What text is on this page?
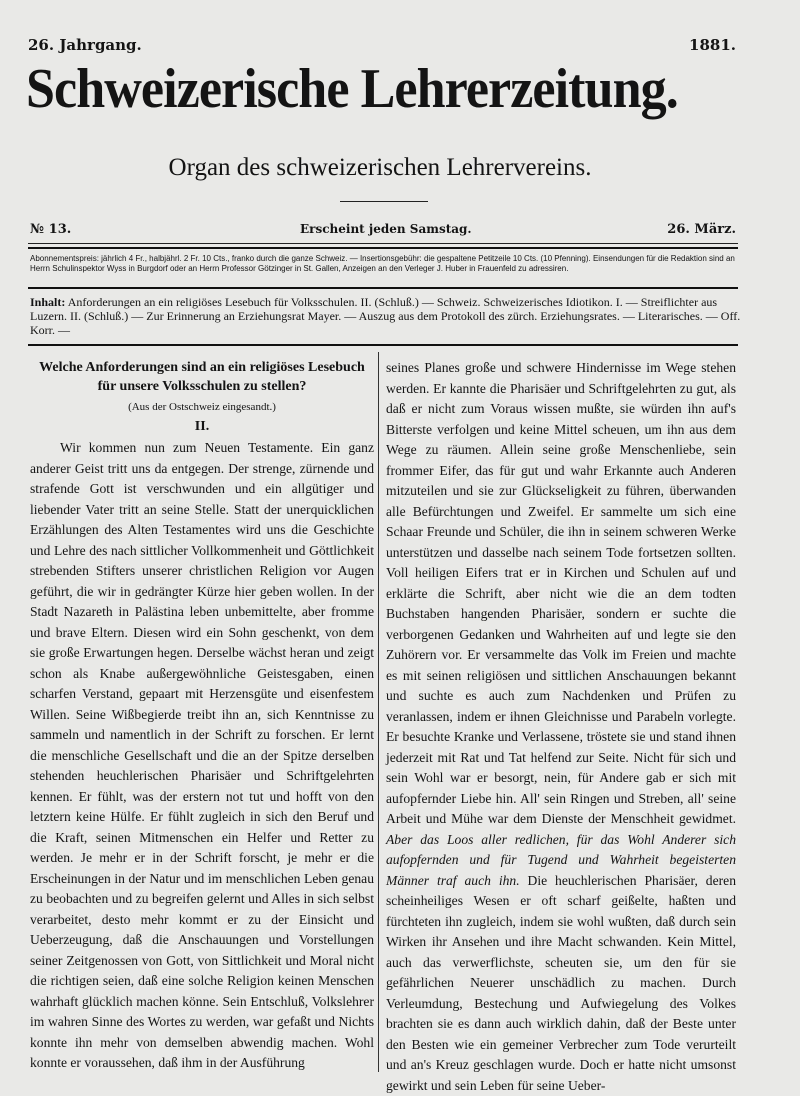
26. Jahrgang.	1881.
Schweizerische Lehrerzeitung.
Organ des schweizerischen Lehrervereins.
№ 13.	Erscheint jeden Samstag.	26. März.
Abonnementspreis: jährlich 4 Fr., halbjährl. 2 Fr. 10 Cts., franko durch die ganze Schweiz. — Insertionsgebühr: die gespaltene Petitzeile 10 Cts. (10 Pfenning). Einsendungen für die Redaktion sind an Herrn Schulinspektor Wyss in Burgdorf oder an Herrn Professor Götzinger in St. Gallen, Anzeigen an den Verleger J. Huber in Frauenfeld zu adressiren.
Inhalt: Anforderungen an ein religiöses Lesebuch für Volksschulen. II. (Schluß.) — Schweiz. Schweizerisches Idiotikon. I. — Streiflichter aus Luzern. II. (Schluß.) — Zur Erinnerung an Erziehungsrat Mayer. — Auszug aus dem Protokoll des zürch. Erziehungsrates. — Literarisches. — Off. Korr. —
Welche Anforderungen sind an ein religiöses Lesebuch für unsere Volksschulen zu stellen?
(Aus der Ostschweiz eingesandt.)
II.

Wir kommen nun zum Neuen Testamente. Ein ganz anderer Geist tritt uns da entgegen. Der strenge, zürnende und strafende Gott ist verschwunden und ein allgütiger und liebender Vater tritt an seine Stelle. Statt der unerquicklichen Erzählungen des Alten Testamentes wird uns die Geschichte und Lehre des nach sittlicher Vollkommenheit und Göttlichkeit strebenden Stifters unserer christlichen Religion vor Augen geführt, die wir in gedrängter Kürze hier geben wollen. In der Stadt Nazareth in Palästina leben unbemittelte, aber fromme und brave Eltern. Diesen wird ein Sohn geschenkt, von dem sie große Erwartungen hegen. Derselbe wächst heran und zeigt schon als Knabe außergewöhnliche Geistesgaben, einen scharfen Verstand, gepaart mit Herzensgüte und eisenfestem Willen. Seine Wißbegierde treibt ihn an, sich Kenntnisse zu sammeln und namentlich in der Schrift zu forschen. Er lernt die menschliche Gesellschaft und die an der Spitze derselben stehenden heuchlerischen Pharisäer und Schriftgelehrten kennen. Er fühlt, was der erstern not tut und hofft von den letztern keine Hülfe. Er fühlt zugleich in sich den Beruf und die Kraft, seinen Mitmenschen ein Helfer und Retter zu werden. Je mehr er in der Schrift forscht, je mehr er die Erscheinungen in der Natur und im menschlichen Leben genau zu beobachten und zu begreifen gelernt und Alles in sich selbst verarbeitet, desto mehr kommt er zu der Einsicht und Ueberzeugung, daß die Anschauungen und Vorstellungen seiner Zeitgenossen von Gott, von Sittlichkeit und Moral nicht die richtigen seien, daß eine solche Religion keinen Menschen wahrhaft glücklich machen könne. Sein Entschluß, Volkslehrer im wahren Sinne des Wortes zu werden, war gefaßt und Nichts konnte ihn mehr von demselben abwendig machen. Wohl konnte er voraussehen, daß ihm in der Ausführung

seines Planes große und schwere Hindernisse im Wege stehen werden. Er kannte die Pharisäer und Schriftgelehrten zu gut, als daß er nicht zum Voraus wissen mußte, sie würden ihn auf's Bitterste verfolgen und keine Mittel scheuen, um ihn aus dem Wege zu räumen. Allein seine große Menschenliebe, sein frommer Eifer, das für gut und wahr Erkannte auch Anderen mitzuteilen und sie zur Glückseligkeit zu führen, überwanden alle Befürchtungen und Zweifel. Er sammelte um sich eine Schaar Freunde und Schüler, die ihn in seinem schweren Werke unterstützen und dasselbe nach seinem Tode fortsetzen sollten. Voll heiligen Eifers trat er in Kirchen und Schulen auf und erklärte die Schrift, aber nicht wie die an dem todten Buchstaben hangenden Pharisäer, sondern er suchte die verborgenen Gedanken und Wahrheiten auf und legte sie den Zuhörern vor. Er versammelte das Volk im Freien und machte es mit seinen religiösen und sittlichen Anschauungen bekannt und suchte es auch zum Nachdenken und Prüfen zu veranlassen, indem er ihnen Gleichnisse und Parabeln vorlegte. Er besuchte Kranke und Verlassene, tröstete sie und stand ihnen jederzeit mit Rat und Tat helfend zur Seite. Nicht für sich und sein Wohl war er besorgt, nein, für Andere gab er sich mit aufopfernder Liebe hin. All' sein Ringen und Streben, all' seine Arbeit und Mühe war dem Dienste der Menschheit gewidmet. Aber das Loos aller redlichen, für das Wohl Anderer sich aufopfernden und für Tugend und Wahrheit begeisterten Männer traf auch ihn. Die heuchlerischen Pharisäer, deren scheinheiliges Wesen er oft scharf geißelte, haßten und fürchteten ihn zugleich, indem sie wohl wußten, daß durch sein Wirken ihr Ansehen und ihre Macht schwanden. Kein Mittel, auch das verwerflichste, scheuten sie, um den für sie gefährlichen Neuerer unschädlich zu machen. Durch Verleumdung, Bestechung und Aufwiegelung des Volkes brachten sie es dann auch wirklich dahin, daß der Beste unter den Besten wie ein gemeiner Verbrecher zum Tode verurteilt und an's Kreuz geschlagen wurde. Doch er hatte nicht umsonst gewirkt und sein Leben für seine Ueber-
